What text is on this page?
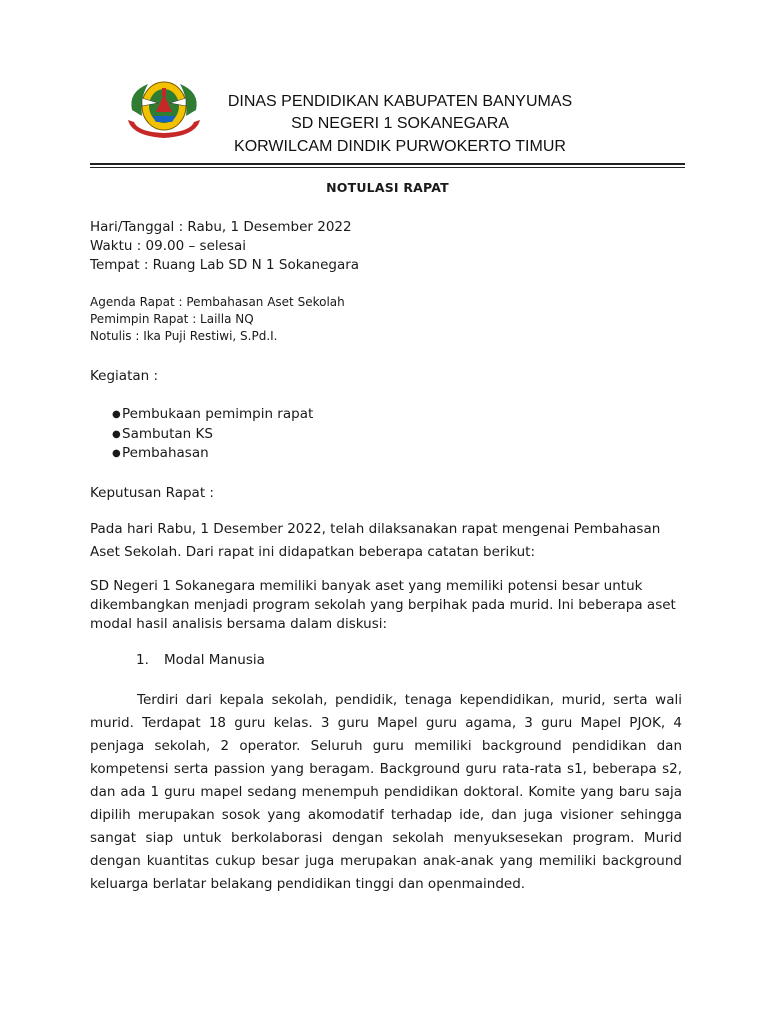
DINAS PENDIDIKAN KABUPATEN BANYUMAS
SD NEGERI 1 SOKANEGARA
KORWILCAM DINDIK PURWOKERTO TIMUR
NOTULASI RAPAT
Hari/Tanggal : Rabu, 1 Desember 2022
Waktu : 09.00 – selesai
Tempat : Ruang Lab SD N 1 Sokanegara
Agenda Rapat : Pembahasan Aset Sekolah
Pemimpin Rapat : Lailla NQ
Notulis : Ika Puji Restiwi, S.Pd.I.
Kegiatan :
●Pembukaan pemimpin rapat
●Sambutan KS
●Pembahasan
Keputusan Rapat :
Pada hari Rabu, 1 Desember 2022, telah dilaksanakan rapat mengenai Pembahasan Aset Sekolah. Dari rapat ini didapatkan beberapa catatan berikut:
SD Negeri 1 Sokanegara memiliki banyak aset yang memiliki potensi besar untuk dikembangkan menjadi program sekolah yang berpihak pada murid. Ini beberapa aset modal hasil analisis bersama dalam diskusi:
1. Modal Manusia
Terdiri dari kepala sekolah, pendidik, tenaga kependidikan, murid, serta wali murid. Terdapat 18 guru kelas. 3 guru Mapel guru agama, 3 guru Mapel PJOK, 4 penjaga sekolah, 2 operator. Seluruh guru memiliki background pendidikan dan kompetensi serta passion yang beragam. Background guru rata-rata s1, beberapa s2, dan ada 1 guru mapel sedang menempuh pendidikan doktoral. Komite yang baru saja dipilih merupakan sosok yang akomodatif terhadap ide, dan juga visioner sehingga sangat siap untuk berkolaborasi dengan sekolah menyuksesekan program. Murid dengan kuantitas cukup besar juga merupakan anak-anak yang memiliki background keluarga berlatar belakang pendidikan tinggi dan openmainded.
